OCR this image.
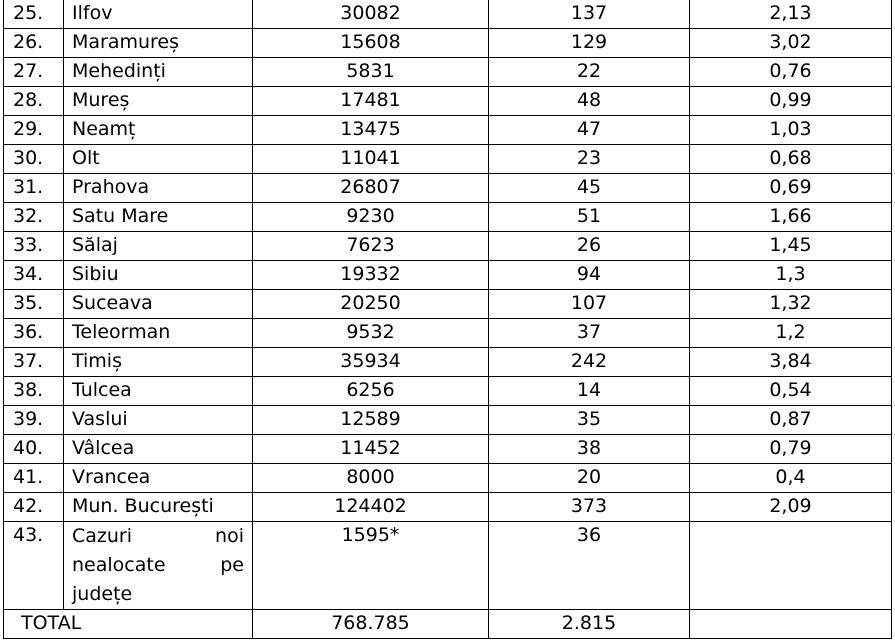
25.	Ilfov	30082	137	2,13
26.	Maramureș	15608	129	3,02
27.	Mehedinți	5831	22	0,76
28.	Mureș	17481	48	0,99
29.	Neamț	13475	47	1,03
30.	Olt	11041	23	0,68
31.	Prahova	26807	45	0,69
32.	Satu Mare	9230	51	1,66
33.	Sălaj	7623	26	1,45
34.	Sibiu	19332	94	1,3
35.	Suceava	20250	107	1,32
36.	Teleorman	9532	37	1,2
37.	Timiș	35934	242	3,84
38.	Tulcea	6256	14	0,54
39.	Vaslui	12589	35	0,87
40.	Vâlcea	11452	38	0,79
41.	Vrancea	8000	20	0,4
42.	Mun. București	124402	373	2,09
43.	Cazuri noi nealocate pe județe	1595*	36	
TOTAL		768.785	2.815	
